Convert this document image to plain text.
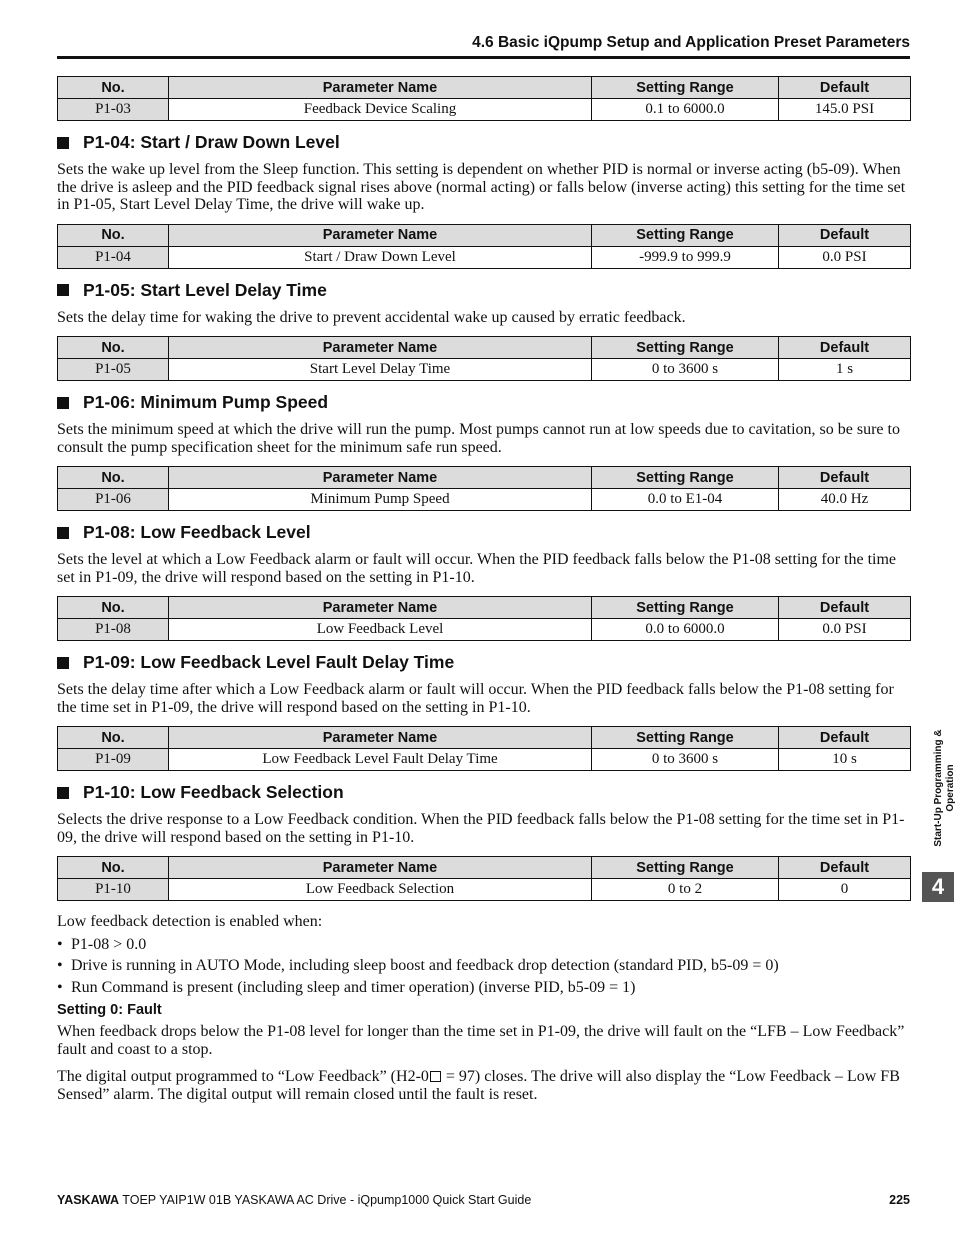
4.6 Basic iQpump Setup and Application Preset Parameters
No.	Parameter Name	Setting Range	Default
P1-03	Feedback Device Scaling	0.1 to 6000.0	145.0 PSI
P1-04: Start / Draw Down Level

Sets the wake up level from the Sleep function. This setting is dependent on whether PID is normal or inverse acting (b5-09). When the drive is asleep and the PID feedback signal rises above (normal acting) or falls below (inverse acting) this setting for the time set in P1-05, Start Level Delay Time, the drive will wake up.

No.	Parameter Name	Setting Range	Default
P1-04	Start / Draw Down Level	-999.9 to 999.9	0.0 PSI
P1-05: Start Level Delay Time

Sets the delay time for waking the drive to prevent accidental wake up caused by erratic feedback.

No.	Parameter Name	Setting Range	Default
P1-05	Start Level Delay Time	0 to 3600 s	1 s
P1-06: Minimum Pump Speed

Sets the minimum speed at which the drive will run the pump. Most pumps cannot run at low speeds due to cavitation, so be sure to consult the pump specification sheet for the minimum safe run speed.

No.	Parameter Name	Setting Range	Default
P1-06	Minimum Pump Speed	0.0 to E1-04	40.0 Hz
P1-08: Low Feedback Level

Sets the level at which a Low Feedback alarm or fault will occur. When the PID feedback falls below the P1-08 setting for the time set in P1-09, the drive will respond based on the setting in P1-10.

No.	Parameter Name	Setting Range	Default
P1-08	Low Feedback Level	0.0 to 6000.0	0.0 PSI
P1-09: Low Feedback Level Fault Delay Time

Sets the delay time after which a Low Feedback alarm or fault will occur. When the PID feedback falls below the P1-08 setting for the time set in P1-09, the drive will respond based on the setting in P1-10.

No.	Parameter Name	Setting Range	Default
P1-09	Low Feedback Level Fault Delay Time	0 to 3600 s	10 s
P1-10: Low Feedback Selection

Selects the drive response to a Low Feedback condition. When the PID feedback falls below the P1-08 setting for the time set in P1-09, the drive will respond based on the setting in P1-10.

No.	Parameter Name	Setting Range	Default
P1-10	Low Feedback Selection	0 to 2	0

Low feedback detection is enabled when:

• P1-08 > 0.0
• Drive is running in AUTO Mode, including sleep boost and feedback drop detection (standard PID, b5-09 = 0)
• Run Command is present (including sleep and timer operation) (inverse PID, b5-09 = 1)
Setting 0: Fault

When feedback drops below the P1-08 level for longer than the time set in P1-09, the drive will fault on the “LFB – Low Feedback” fault and coast to a stop.

The digital output programmed to “Low Feedback” (H2-0 = 97) closes. The drive will also display the “Low Feedback – Low FB Sensed” alarm. The digital output will remain closed until the fault is reset.

Start-Up Programming & Operation
4
YASKAWA TOEP YAIP1W 01B YASKAWA AC Drive - iQpump1000 Quick Start Guide	225
